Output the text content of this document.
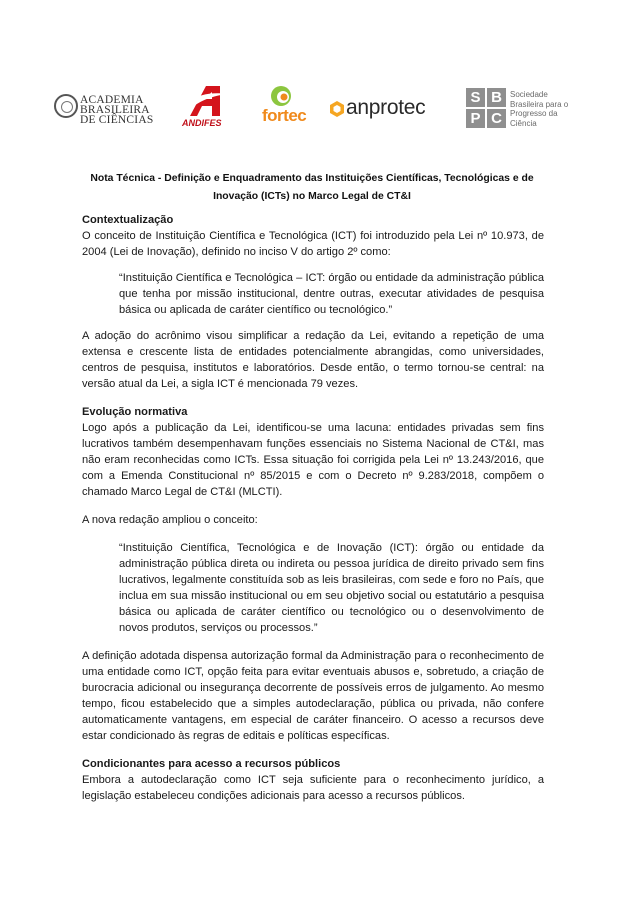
ACADEMIA
BRASILEIRA
DE CIÊNCIAS	ANDIFES fortec anprotec	S B
P C
Sociedade
Brasileira para o
Progresso da
Ciência
Nota Técnica - Definição e Enquadramento das Instituições Científicas, Tecnológicas e de
Inovação (ICTs) no Marco Legal de CT&I
Contextualização

O conceito de Instituição Científica e Tecnológica (ICT) foi introduzido pela Lei nº 10.973, de 2004 (Lei de Inovação), definido no inciso V do artigo 2º como:

“Instituição Científica e Tecnológica – ICT: órgão ou entidade da administração pública que tenha por missão institucional, dentre outras, executar atividades de pesquisa básica ou aplicada de caráter científico ou tecnológico.”

A adoção do acrônimo visou simplificar a redação da Lei, evitando a repetição de uma extensa e crescente lista de entidades potencialmente abrangidas, como universidades, centros de pesquisa, institutos e laboratórios. Desde então, o termo tornou-se central: na versão atual da Lei, a sigla ICT é mencionada 79 vezes.

Evolução normativa

Logo após a publicação da Lei, identificou-se uma lacuna: entidades privadas sem fins lucrativos também desempenhavam funções essenciais no Sistema Nacional de CT&I, mas não eram reconhecidas como ICTs. Essa situação foi corrigida pela Lei nº 13.243/2016, que com a Emenda Constitucional nº 85/2015 e com o Decreto nº 9.283/2018, compõem o chamado Marco Legal de CT&I (MLCTI).

A nova redação ampliou o conceito:

“Instituição Científica, Tecnológica e de Inovação (ICT): órgão ou entidade da administração pública direta ou indireta ou pessoa jurídica de direito privado sem fins lucrativos, legalmente constituída sob as leis brasileiras, com sede e foro no País, que inclua em sua missão institucional ou em seu objetivo social ou estatutário a pesquisa básica ou aplicada de caráter científico ou tecnológico ou o desenvolvimento de novos produtos, serviços ou processos.”

A definição adotada dispensa autorização formal da Administração para o reconhecimento de uma entidade como ICT, opção feita para evitar eventuais abusos e, sobretudo, a criação de burocracia adicional ou insegurança decorrente de possíveis erros de julgamento. Ao mesmo tempo, ficou estabelecido que a simples autodeclaração, pública ou privada, não confere automaticamente vantagens, em especial de caráter financeiro. O acesso a recursos deve estar condicionado às regras de editais e políticas específicas.

Condicionantes para acesso a recursos públicos

Embora a autodeclaração como ICT seja suficiente para o reconhecimento jurídico, a legislação estabeleceu condições adicionais para acesso a recursos públicos.
